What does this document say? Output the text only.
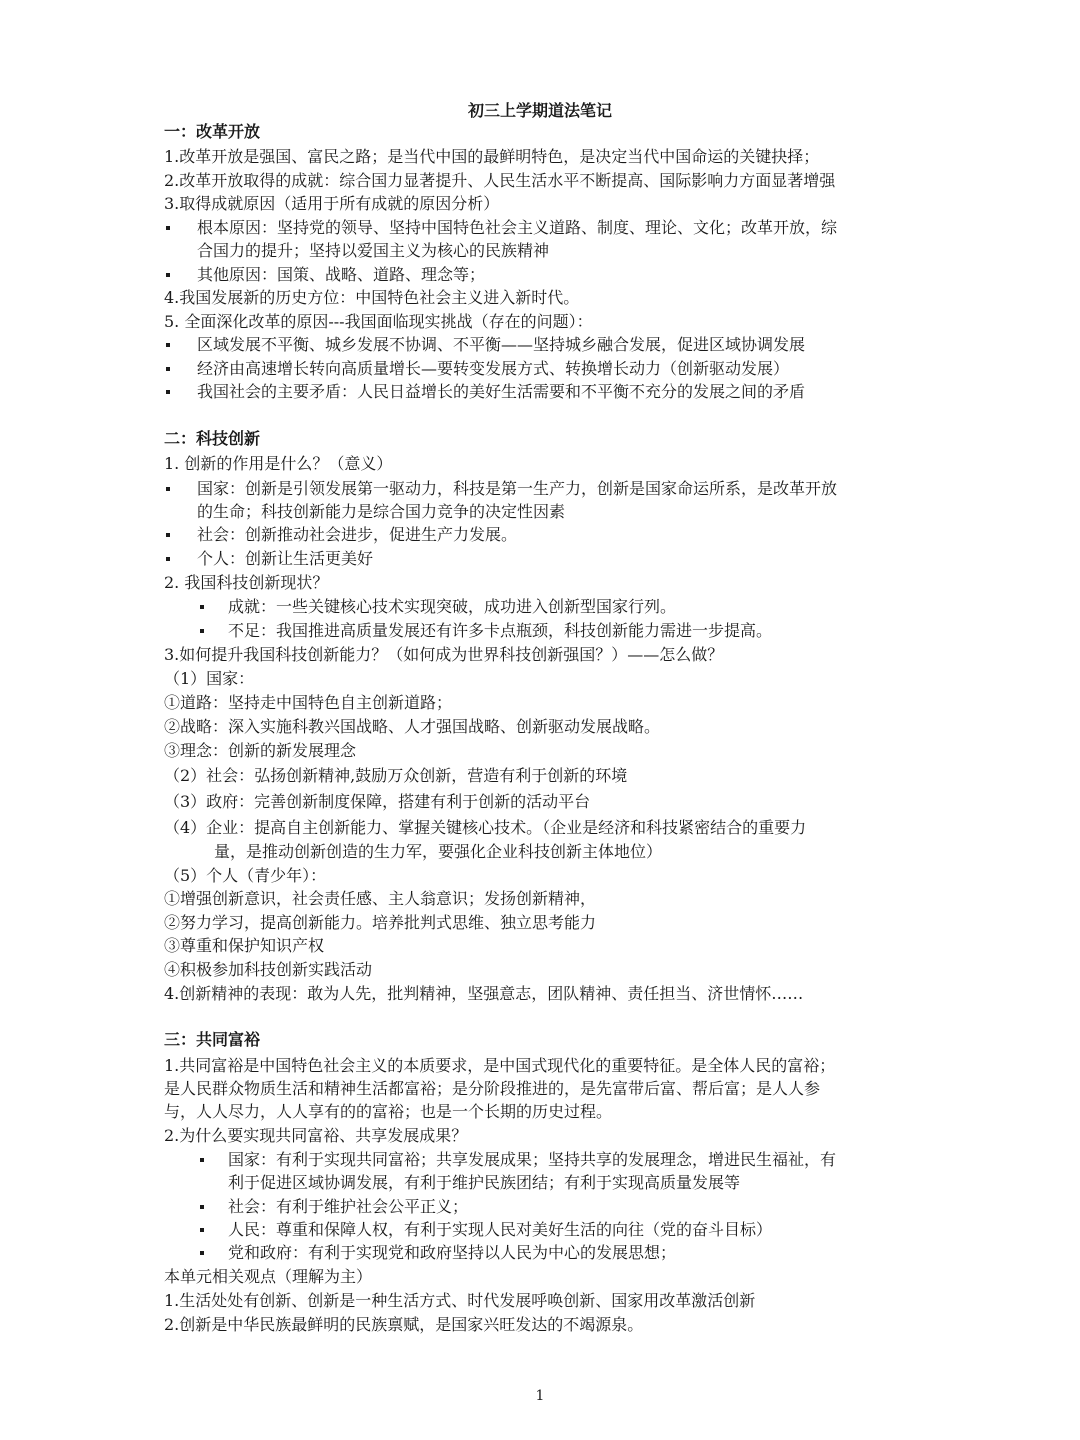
初三上学期道法笔记
一：改革开放
1.改革开放是强国、富民之路；是当代中国的最鲜明特色，是决定当代中国命运的关键抉择；
2.改革开放取得的成就：综合国力显著提升、人民生活水平不断提高、国际影响力方面显著增强
3.取得成就原因（适用于所有成就的原因分析）
根本原因：坚持党的领导、坚持中国特色社会主义道路、制度、理论、文化；改革开放，综
合国力的提升；坚持以爱国主义为核心的民族精神
其他原因：国策、战略、道路、理念等；
4.我国发展新的历史方位：中国特色社会主义进入新时代。
5. 全面深化改革的原因---我国面临现实挑战（存在的问题）：
区域发展不平衡、城乡发展不协调、不平衡——坚持城乡融合发展，促进区域协调发展
经济由高速增长转向高质量增长—要转变发展方式、转换增长动力（创新驱动发展）
我国社会的主要矛盾：人民日益增长的美好生活需要和不平衡不充分的发展之间的矛盾
二：科技创新
1. 创新的作用是什么？（意义）
国家：创新是引领发展第一驱动力，科技是第一生产力，创新是国家命运所系，是改革开放
的生命；科技创新能力是综合国力竞争的决定性因素
社会：创新推动社会进步，促进生产力发展。
个人：创新让生活更美好
2. 我国科技创新现状？
成就：一些关键核心技术实现突破，成功进入创新型国家行列。
不足：我国推进高质量发展还有许多卡点瓶颈，科技创新能力需进一步提高。
3.如何提升我国科技创新能力？（如何成为世界科技创新强国？）——怎么做？
（1）国家：
①道路：坚持走中国特色自主创新道路；
②战略：深入实施科教兴国战略、人才强国战略、创新驱动发展战略。
③理念：创新的新发展理念
（2）社会：弘扬创新精神,鼓励万众创新，营造有利于创新的环境
（3）政府：完善创新制度保障，搭建有利于创新的活动平台
（4）企业：提高自主创新能力、掌握关键核心技术。（企业是经济和科技紧密结合的重要力
量，是推动创新创造的生力军，要强化企业科技创新主体地位）
（5）个人（青少年）：
①增强创新意识，社会责任感、主人翁意识；发扬创新精神，
②努力学习，提高创新能力。培养批判式思维、独立思考能力
③尊重和保护知识产权
④积极参加科技创新实践活动
4.创新精神的表现：敢为人先，批判精神，坚强意志，团队精神、责任担当、济世情怀……
三：共同富裕
1.共同富裕是中国特色社会主义的本质要求，是中国式现代化的重要特征。是全体人民的富裕；
是人民群众物质生活和精神生活都富裕；是分阶段推进的，是先富带后富、帮后富；是人人参
与，人人尽力，人人享有的的富裕；也是一个长期的历史过程。
2.为什么要实现共同富裕、共享发展成果？
国家：有利于实现共同富裕；共享发展成果；坚持共享的发展理念，增进民生福祉，有
利于促进区域协调发展，有利于维护民族团结；有利于实现高质量发展等
社会：有利于维护社会公平正义；
人民：尊重和保障人权，有利于实现人民对美好生活的向往（党的奋斗目标）
党和政府：有利于实现党和政府坚持以人民为中心的发展思想；
本单元相关观点（理解为主）
1.生活处处有创新、创新是一种生活方式、时代发展呼唤创新、国家用改革激活创新
2.创新是中华民族最鲜明的民族禀赋，是国家兴旺发达的不竭源泉。
1
